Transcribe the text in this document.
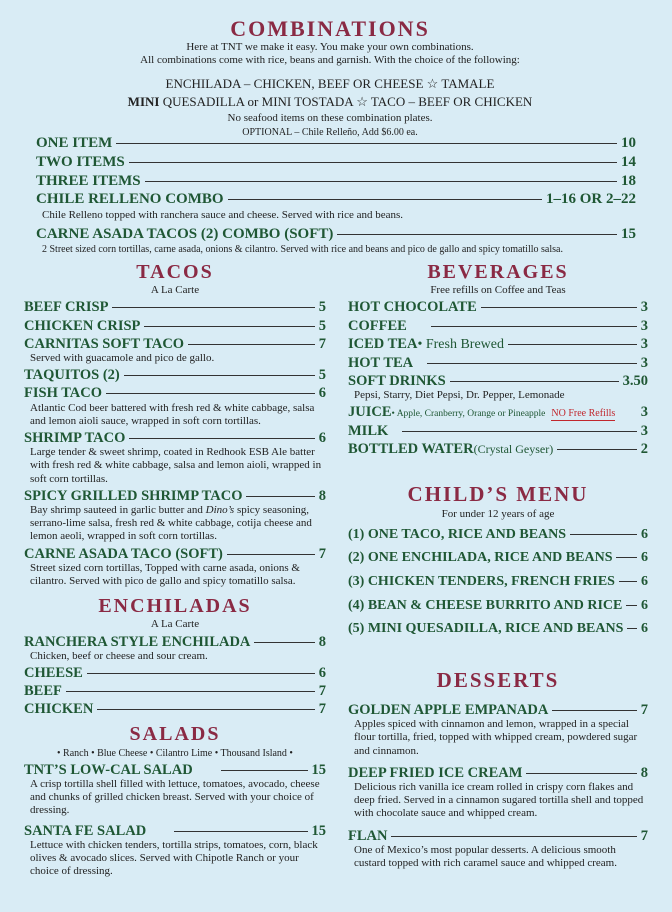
COMBINATIONS
Here at TNT we make it easy. You make your own combinations.
All combinations come with rice, beans and garnish. With the choice of the following:
ENCHILADA – CHICKEN, BEEF OR CHEESE ☆ TAMALE
MINI QUESADILLA or MINI TOSTADA ☆ TACO – BEEF OR CHICKEN
No seafood items on these combination plates.
OPTIONAL – Chile Relleño, Add $6.00 ea.
ONE ITEM	10
TWO ITEMS	14
THREE ITEMS	18
CHILE RELLENO COMBO	1–16 OR 2–22
Chile Relleno topped with ranchera sauce and cheese. Served with rice and beans.
CARNE ASADA TACOS (2) COMBO (SOFT)	15
2 Street sized corn tortillas, carne asada, onions & cilantro. Served with rice and beans and pico de gallo and spicy tomatillo salsa.
TACOS
A La Carte
BEEF CRISP	5
CHICKEN CRISP	5
CARNITAS SOFT TACO	7
Served with guacamole and pico de gallo.
TAQUITOS (2)	5
FISH TACO	6
Atlantic Cod beer battered with fresh red & white cabbage, salsa and lemon aioli sauce, wrapped in soft corn tortillas.
SHRIMP TACO	6
Large tender & sweet shrimp, coated in Redhook ESB Ale batter with fresh red & white cabbage, salsa and lemon aioli, wrapped in soft corn tortillas.
SPICY GRILLED SHRIMP TACO	8
Bay shrimp sauteed in garlic butter and Dino’s spicy seasoning, serrano-lime salsa, fresh red & white cabbage, cotija cheese and lemon aeoli, wrapped in soft corn tortillas.
CARNE ASADA TACO (SOFT)	7
Street sized corn tortillas, Topped with carne asada, onions & cilantro. Served with pico de gallo and spicy tomatillo salsa.
ENCHILADAS
A La Carte
RANCHERA STYLE ENCHILADA	8
Chicken, beef or cheese and sour cream.
CHEESE	6
BEEF	7
CHICKEN	7
SALADS
• Ranch • Blue Cheese • Cilantro Lime • Thousand Island •
TNT’S LOW-CAL SALAD	15
A crisp tortilla shell filled with lettuce, tomatoes, avocado, cheese and chunks of grilled chicken breast. Served with your choice of dressing.
SANTA FE SALAD	15
Lettuce with chicken tenders, tortilla strips, tomatoes, corn, black olives & avocado slices. Served with Chipotle Ranch or your choice of dressing.
BEVERAGES
Free refills on Coffee and Teas
HOT CHOCOLATE	3
COFFEE	3
ICED TEA • Fresh Brewed	3
HOT TEA	3
SOFT DRINKS	3.50
Pepsi, Starry, Diet Pepsi, Dr. Pepper, Lemonade
JUICE • Apple, Cranberry, Orange or Pineapple NO Free Refills 3
MILK	3
BOTTLED WATER (Crystal Geyser)	2
CHILD’S MENU
For under 12 years of age
(1) ONE TACO, RICE AND BEANS	6
(2) ONE ENCHILADA, RICE AND BEANS 6
(3) CHICKEN TENDERS, FRENCH FRIES 6
(4) BEAN & CHEESE BURRITO AND RICE 6
(5) MINI QUESADILLA, RICE AND BEANS 6
DESSERTS
GOLDEN APPLE EMPANADA	7
Apples spiced with cinnamon and lemon, wrapped in a special flour tortilla, fried, topped with whipped cream, powdered sugar and cinnamon.
DEEP FRIED ICE CREAM	8
Delicious rich vanilla ice cream rolled in crispy corn flakes and deep fried. Served in a cinnamon sugared tortilla shell and topped with chocolate sauce and whipped cream.
FLAN	7
One of Mexico’s most popular desserts. A delicious smooth custard topped with rich caramel sauce and whipped cream.
